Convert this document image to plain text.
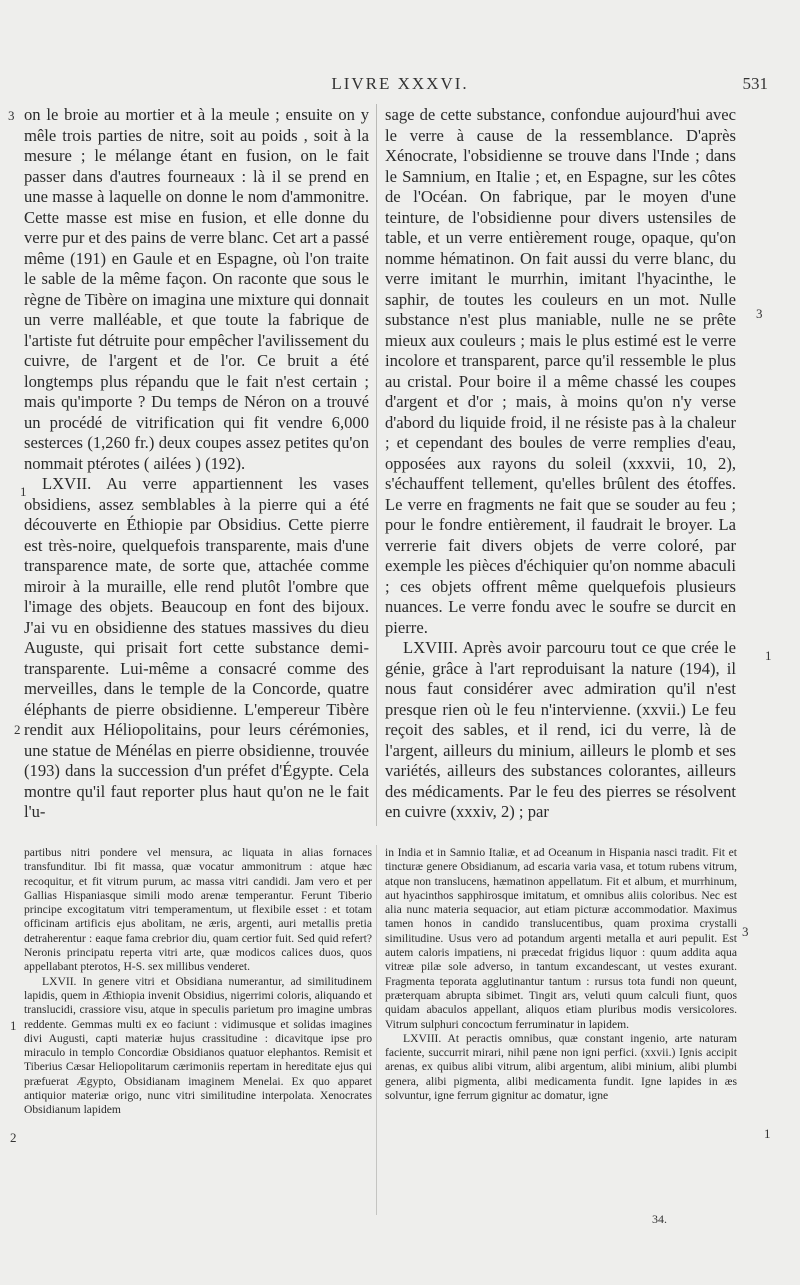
LIVRE XXXVI.	531
3
1
2
3
1
1
2
3
1

on le broie au mortier et à la meule ; ensuite on y mêle trois parties de nitre, soit au poids , soit à la mesure ; le mélange étant en fusion, on le fait passer dans d'autres fourneaux : là il se prend en une masse à laquelle on donne le nom d'ammonitre. Cette masse est mise en fusion, et elle donne du verre pur et des pains de verre blanc. Cet art a passé même (191) en Gaule et en Espagne, où l'on traite le sable de la même façon. On raconte que sous le règne de Tibère on imagina une mixture qui donnait un verre malléable, et que toute la fabrique de l'artiste fut détruite pour empêcher l'avilissement du cuivre, de l'argent et de l'or. Ce bruit a été longtemps plus répandu que le fait n'est certain ; mais qu'importe ? Du temps de Néron on a trouvé un procédé de vitrification qui fit vendre 6,000 sesterces (1,260 fr.) deux coupes assez petites qu'on nommait ptérotes ( ailées ) (192).

LXVII. Au verre appartiennent les vases obsidiens, assez semblables à la pierre qui a été découverte en Éthiopie par Obsidius. Cette pierre est très-noire, quelquefois transparente, mais d'une transparence mate, de sorte que, attachée comme miroir à la muraille, elle rend plutôt l'ombre que l'image des objets. Beaucoup en font des bijoux. J'ai vu en obsidienne des statues massives du dieu Auguste, qui prisait fort cette substance demi-transparente. Lui-même a consacré comme des merveilles, dans le temple de la Concorde, quatre éléphants de pierre obsidienne. L'empereur Tibère rendit aux Héliopolitains, pour leurs cérémonies, une statue de Ménélas en pierre obsidienne, trouvée (193) dans la succession d'un préfet d'Égypte. Cela montre qu'il faut reporter plus haut qu'on ne le fait l'u-

sage de cette substance, confondue aujourd'hui avec le verre à cause de la ressemblance. D'après Xénocrate, l'obsidienne se trouve dans l'Inde ; dans le Samnium, en Italie ; et, en Espagne, sur les côtes de l'Océan. On fabrique, par le moyen d'une teinture, de l'obsidienne pour divers ustensiles de table, et un verre entièrement rouge, opaque, qu'on nomme hématinon. On fait aussi du verre blanc, du verre imitant le murrhin, imitant l'hyacinthe, le saphir, de toutes les couleurs en un mot. Nulle substance n'est plus maniable, nulle ne se prête mieux aux couleurs ; mais le plus estimé est le verre incolore et transparent, parce qu'il ressemble le plus au cristal. Pour boire il a même chassé les coupes d'argent et d'or ; mais, à moins qu'on n'y verse d'abord du liquide froid, il ne résiste pas à la chaleur ; et cependant des boules de verre remplies d'eau, opposées aux rayons du soleil (xxxvii, 10, 2), s'échauffent tellement, qu'elles brûlent des étoffes. Le verre en fragments ne fait que se souder au feu ; pour le fondre entièrement, il faudrait le broyer. La verrerie fait divers objets de verre coloré, par exemple les pièces d'échiquier qu'on nomme abaculi ; ces objets offrent même quelquefois plusieurs nuances. Le verre fondu avec le soufre se durcit en pierre.

LXVIII. Après avoir parcouru tout ce que crée le génie, grâce à l'art reproduisant la nature (194), il nous faut considérer avec admiration qu'il n'est presque rien où le feu n'intervienne. (xxvii.) Le feu reçoit des sables, et il rend, ici du verre, là de l'argent, ailleurs du minium, ailleurs le plomb et ses variétés, ailleurs des substances colorantes, ailleurs des médicaments. Par le feu des pierres se résolvent en cuivre (xxxiv, 2) ; par

partibus nitri pondere vel mensura, ac liquata in alias fornaces transfunditur. Ibi fit massa, quæ vocatur ammonitrum : atque hæc recoquitur, et fit vitrum purum, ac massa vitri candidi. Jam vero et per Gallias Hispaniasque simili modo arenæ temperantur. Ferunt Tiberio principe excogitatum vitri temperamentum, ut flexibile esset : et totam officinam artificis ejus abolitam, ne æris, argenti, auri metallis pretia detraherentur : eaque fama crebrior diu, quam certior fuit. Sed quid refert? Neronis principatu reperta vitri arte, quæ modicos calices duos, quos appellabant pterotos, H-S. sex millibus venderet.

LXVII. In genere vitri et Obsidiana numerantur, ad similitudinem lapidis, quem in Æthiopia invenit Obsidius, nigerrimi coloris, aliquando et translucidi, crassiore visu, atque in speculis parietum pro imagine umbras reddente. Gemmas multi ex eo faciunt : vidimusque et solidas imagines divi Augusti, capti materiæ hujus crassitudine : dicavitque ipse pro miraculo in templo Concordiæ Obsidianos quatuor elephantos. Remisit et Tiberius Cæsar Heliopolitarum cærimoniis repertam in hereditate ejus qui præfuerat Ægypto, Obsidianam imaginem Menelai. Ex quo apparet antiquior materiæ origo, nunc vitri similitudine interpolata. Xenocrates Obsidianum lapidem

in India et in Samnio Italiæ, et ad Oceanum in Hispania nasci tradit. Fit et tincturæ genere Obsidianum, ad escaria varia vasa, et totum rubens vitrum, atque non translucens, hæmatinon appellatum. Fit et album, et murrhinum, aut hyacinthos sapphirosque imitatum, et omnibus aliis coloribus. Nec est alia nunc materia sequacior, aut etiam picturæ accommodatior. Maximus tamen honos in candido translucentibus, quam proxima crystalli similitudine. Usus vero ad potandum argenti metalla et auri pepulit. Est autem caloris impatiens, ni præcedat frigidus liquor : quum addita aqua vitreæ pilæ sole adverso, in tantum excandescant, ut vestes exurant. Fragmenta teporata agglutinantur tantum : rursus tota fundi non queunt, præterquam abrupta sibimet. Tingit ars, veluti quum calculi fiunt, quos quidam abaculos appellant, aliquos etiam pluribus modis versicolores. Vitrum sulphuri concoctum ferruminatur in lapidem.

LXVIII. At peractis omnibus, quæ constant ingenio, arte naturam faciente, succurrit mirari, nihil pæne non igni perfici. (xxvii.) Ignis accipit arenas, ex quibus alibi vitrum, alibi argentum, alibi minium, alibi plumbi genera, alibi pigmenta, alibi medicamenta fundit. Igne lapides in æs solvuntur, igne ferrum gignitur ac domatur, igne

34.
